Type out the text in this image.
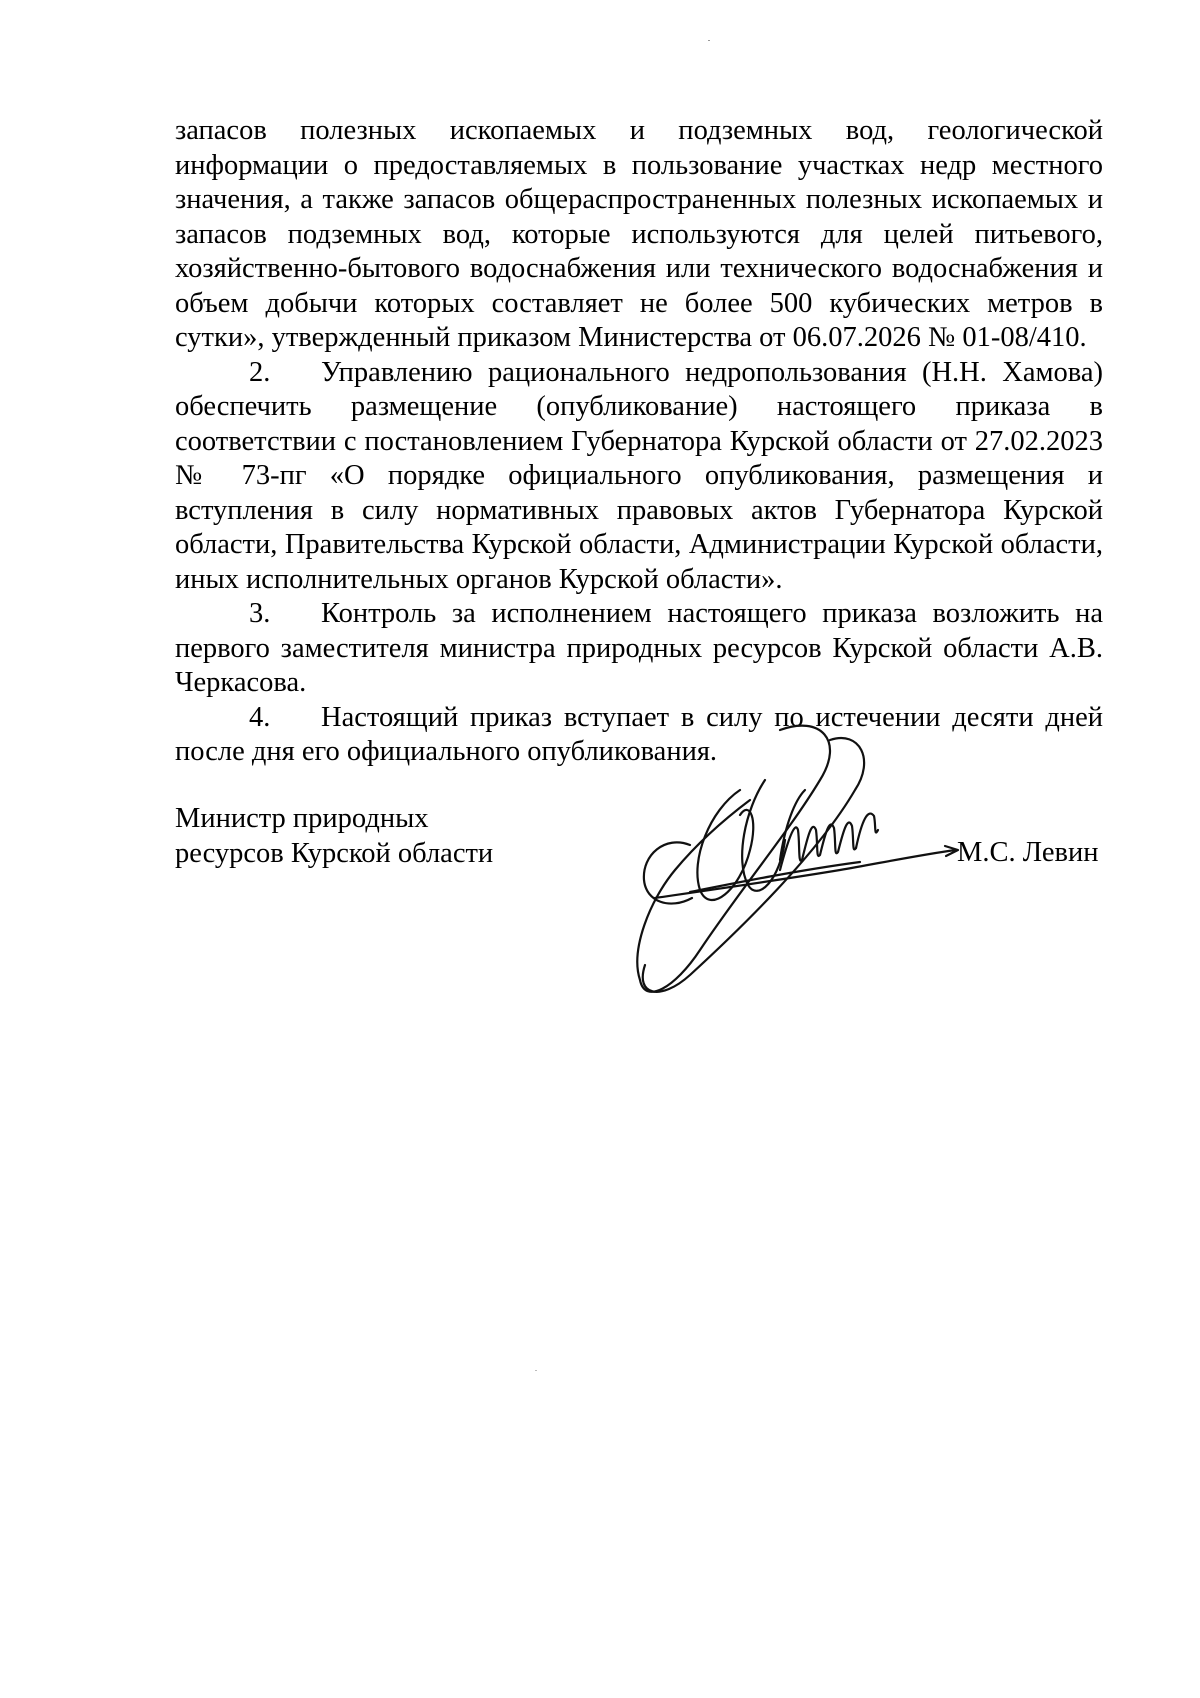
запасов полезных ископаемых и подземных вод, геологической информации о предоставляемых в пользование участках недр местного значения, а также запасов общераспространенных полезных ископаемых и запасов подземных вод, которые используются для целей питьевого, хозяйственно-бытового водоснабжения или технического водоснабжения и объем добычи которых составляет не более 500 кубических метров в сутки», утвержденный приказом Министерства от 06.07.2026 № 01-08/410.

2. Управлению рационального недропользования (Н.Н. Хамова) обеспечить размещение (опубликование) настоящего приказа в соответствии с постановлением Губернатора Курской области от 27.02.2023 № 73-пг «О порядке официального опубликования, размещения и вступления в силу нормативных правовых актов Губернатора Курской области, Правительства Курской области, Администрации Курской области, иных исполнительных органов Курской области».

3. Контроль за исполнением настоящего приказа возложить на первого заместителя министра природных ресурсов Курской области А.В. Черкасова.

4. Настоящий приказ вступает в силу по истечении десяти дней после дня его официального опубликования.

Министр природных
ресурсов Курской области	М.С. Левин
